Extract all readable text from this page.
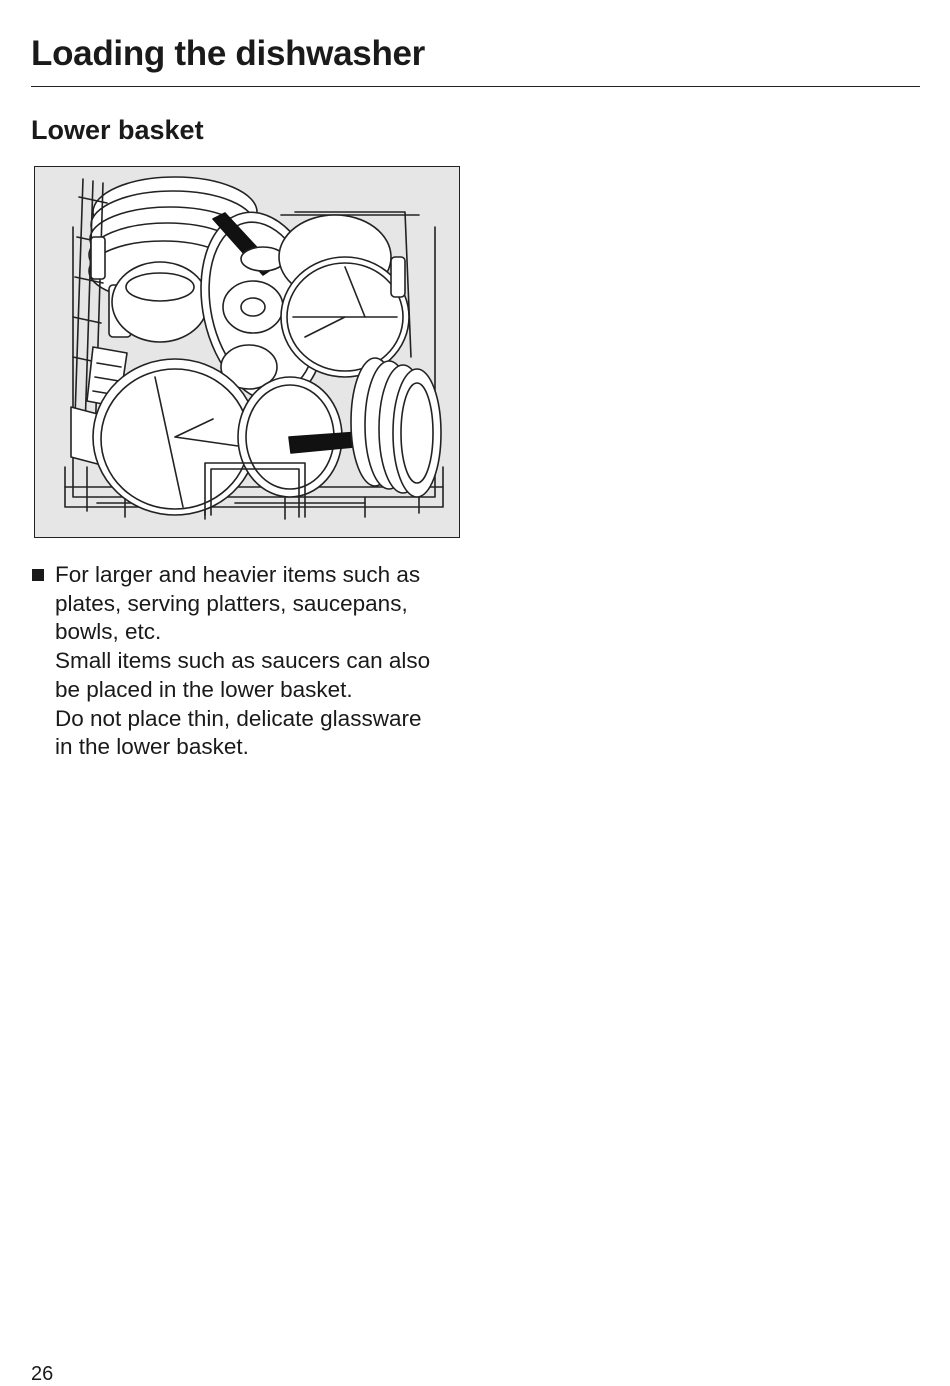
Loading the dishwasher
Lower basket
For larger and heavier items such as
plates, serving platters, saucepans,
bowls, etc.
Small items such as saucers can also
be placed in the lower basket.
Do not place thin, delicate glassware
in the lower basket.
26
